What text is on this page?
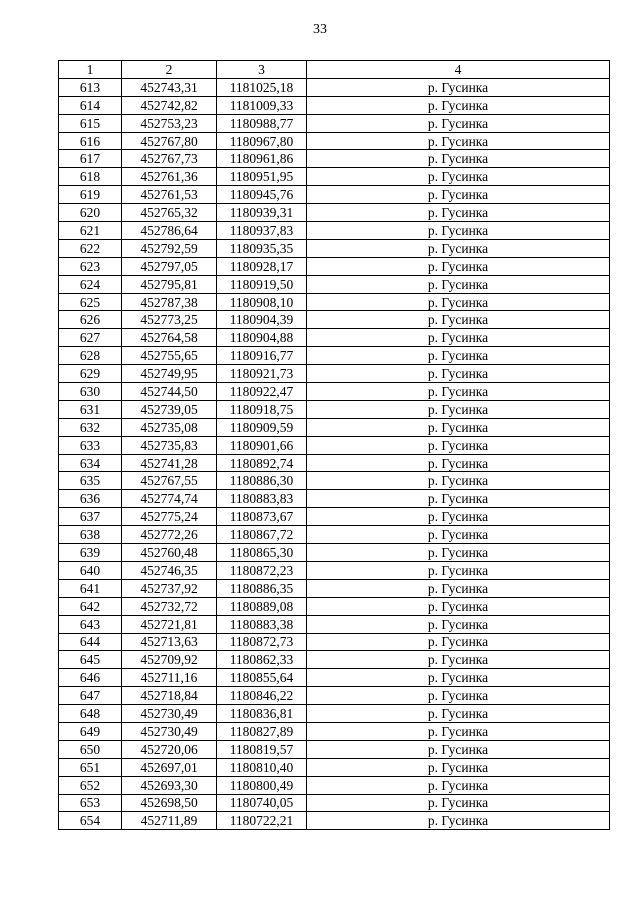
33
1	2	3	4
613	452743,31	1181025,18	р. Гусинка
614	452742,82	1181009,33	р. Гусинка
615	452753,23	1180988,77	р. Гусинка
616	452767,80	1180967,80	р. Гусинка
617	452767,73	1180961,86	р. Гусинка
618	452761,36	1180951,95	р. Гусинка
619	452761,53	1180945,76	р. Гусинка
620	452765,32	1180939,31	р. Гусинка
621	452786,64	1180937,83	р. Гусинка
622	452792,59	1180935,35	р. Гусинка
623	452797,05	1180928,17	р. Гусинка
624	452795,81	1180919,50	р. Гусинка
625	452787,38	1180908,10	р. Гусинка
626	452773,25	1180904,39	р. Гусинка
627	452764,58	1180904,88	р. Гусинка
628	452755,65	1180916,77	р. Гусинка
629	452749,95	1180921,73	р. Гусинка
630	452744,50	1180922,47	р. Гусинка
631	452739,05	1180918,75	р. Гусинка
632	452735,08	1180909,59	р. Гусинка
633	452735,83	1180901,66	р. Гусинка
634	452741,28	1180892,74	р. Гусинка
635	452767,55	1180886,30	р. Гусинка
636	452774,74	1180883,83	р. Гусинка
637	452775,24	1180873,67	р. Гусинка
638	452772,26	1180867,72	р. Гусинка
639	452760,48	1180865,30	р. Гусинка
640	452746,35	1180872,23	р. Гусинка
641	452737,92	1180886,35	р. Гусинка
642	452732,72	1180889,08	р. Гусинка
643	452721,81	1180883,38	р. Гусинка
644	452713,63	1180872,73	р. Гусинка
645	452709,92	1180862,33	р. Гусинка
646	452711,16	1180855,64	р. Гусинка
647	452718,84	1180846,22	р. Гусинка
648	452730,49	1180836,81	р. Гусинка
649	452730,49	1180827,89	р. Гусинка
650	452720,06	1180819,57	р. Гусинка
651	452697,01	1180810,40	р. Гусинка
652	452693,30	1180800,49	р. Гусинка
653	452698,50	1180740,05	р. Гусинка
654	452711,89	1180722,21	р. Гусинка
